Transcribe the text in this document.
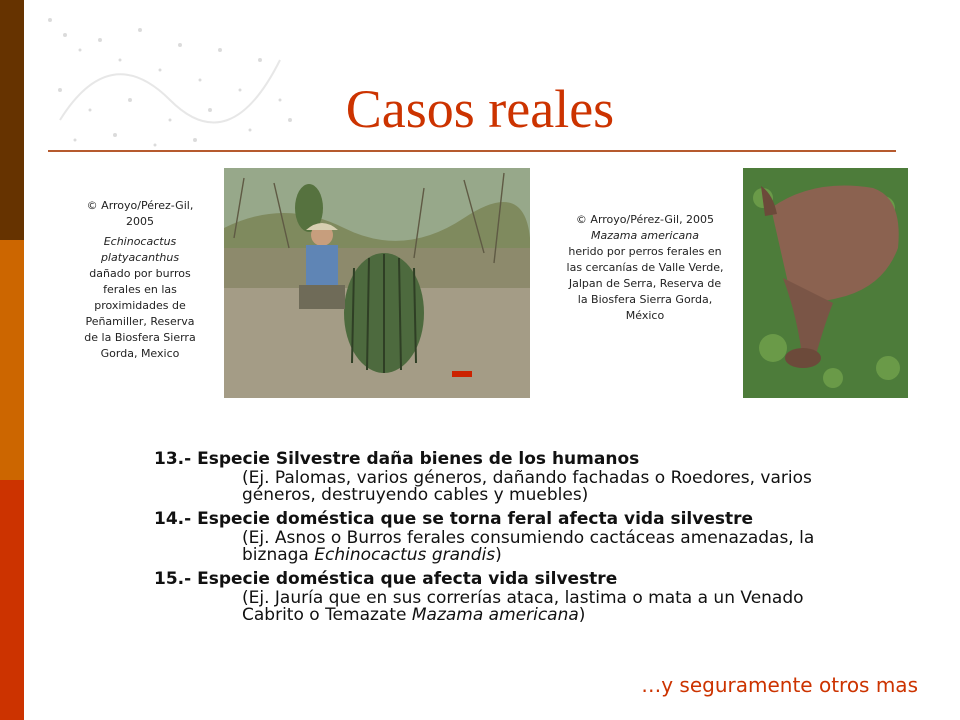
Casos reales
© Arroyo/Pérez-Gil, 2005
Echinocactus platyacanthus
dañado por burros ferales en las proximidades de Peñamiller, Reserva de la Biosfera Sierra Gorda, Mexico
© Arroyo/Pérez-Gil, 2005
Mazama americana
herido por perros ferales en las cercanías de Valle Verde, Jalpan de Serra, Reserva de la Biosfera Sierra Gorda, México
13.- Especie Silvestre daña bienes de los humanos
(Ej. Palomas, varios géneros, dañando fachadas o Roedores, varios géneros, destruyendo cables y muebles)
14.- Especie doméstica que se torna feral afecta vida silvestre
(Ej. Asnos o Burros ferales consumiendo cactáceas amenazadas, la biznaga Echinocactus grandis)
15.- Especie doméstica que afecta vida silvestre
(Ej. Jauría que en sus correrías ataca, lastima o mata a un Venado Cabrito o Temazate Mazama americana)
…y seguramente otros mas
